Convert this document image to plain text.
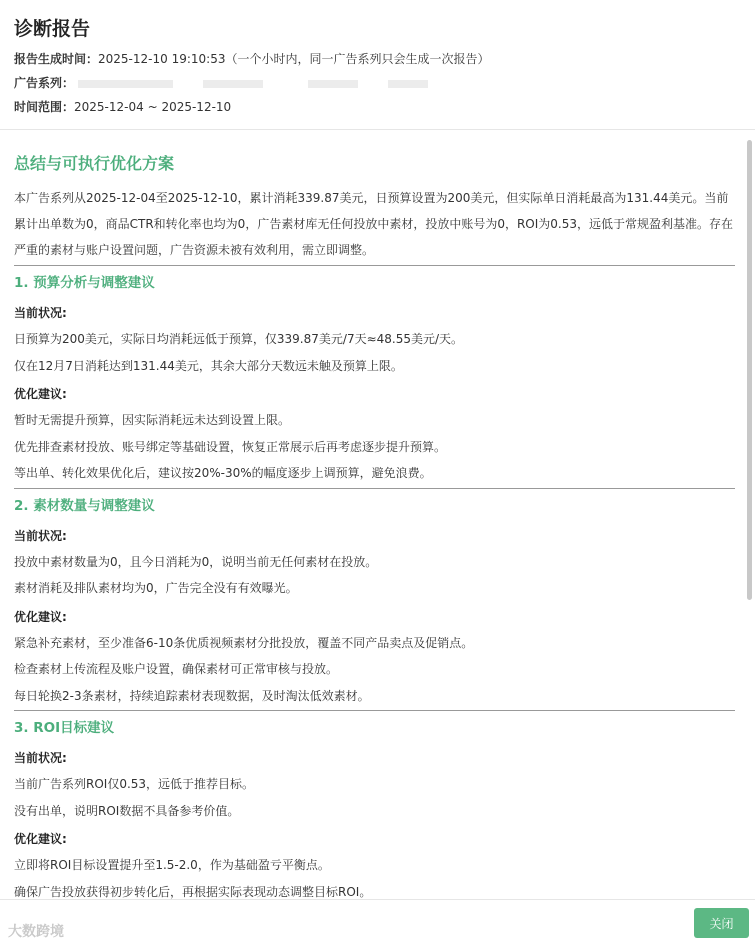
诊断报告
报告生成时间：2025-12-10 19:10:53（一个小时内，同一广告系列只会生成一次报告）
广告系列：
时间范围：2025-12-04 ~ 2025-12-10
总结与可执行优化方案
本广告系列从2025-12-04至2025-12-10，累计消耗339.87美元，日预算设置为200美元，但实际单日消耗最高为131.44美元。当前累计出单数为0，商品CTR和转化率也均为0，广告素材库无任何投放中素材，投放中账号为0，ROI为0.53，远低于常规盈利基准。存在严重的素材与账户设置问题，广告资源未被有效利用，需立即调整。
1. 预算分析与调整建议
当前状况:
日预算为200美元，实际日均消耗远低于预算，仅339.87美元/7天≈48.55美元/天。
仅在12月7日消耗达到131.44美元，其余大部分天数远未触及预算上限。
优化建议:
暂时无需提升预算，因实际消耗远未达到设置上限。
优先排查素材投放、账号绑定等基础设置，恢复正常展示后再考虑逐步提升预算。
等出单、转化效果优化后，建议按20%-30%的幅度逐步上调预算，避免浪费。
2. 素材数量与调整建议
当前状况:
投放中素材数量为0，且今日消耗为0，说明当前无任何素材在投放。
素材消耗及排队素材均为0，广告完全没有有效曝光。
优化建议:
紧急补充素材，至少准备6-10条优质视频素材分批投放，覆盖不同产品卖点及促销点。
检查素材上传流程及账户设置，确保素材可正常审核与投放。
每日轮换2-3条素材，持续追踪素材表现数据，及时淘汰低效素材。
3. ROI目标建议
当前状况:
当前广告系列ROI仅0.53，远低于推荐目标。
没有出单，说明ROI数据不具备参考价值。
优化建议:
立即将ROI目标设置提升至1.5-2.0，作为基础盈亏平衡点。
确保广告投放获得初步转化后，再根据实际表现动态调整目标ROI。
大数跨境
关闭
